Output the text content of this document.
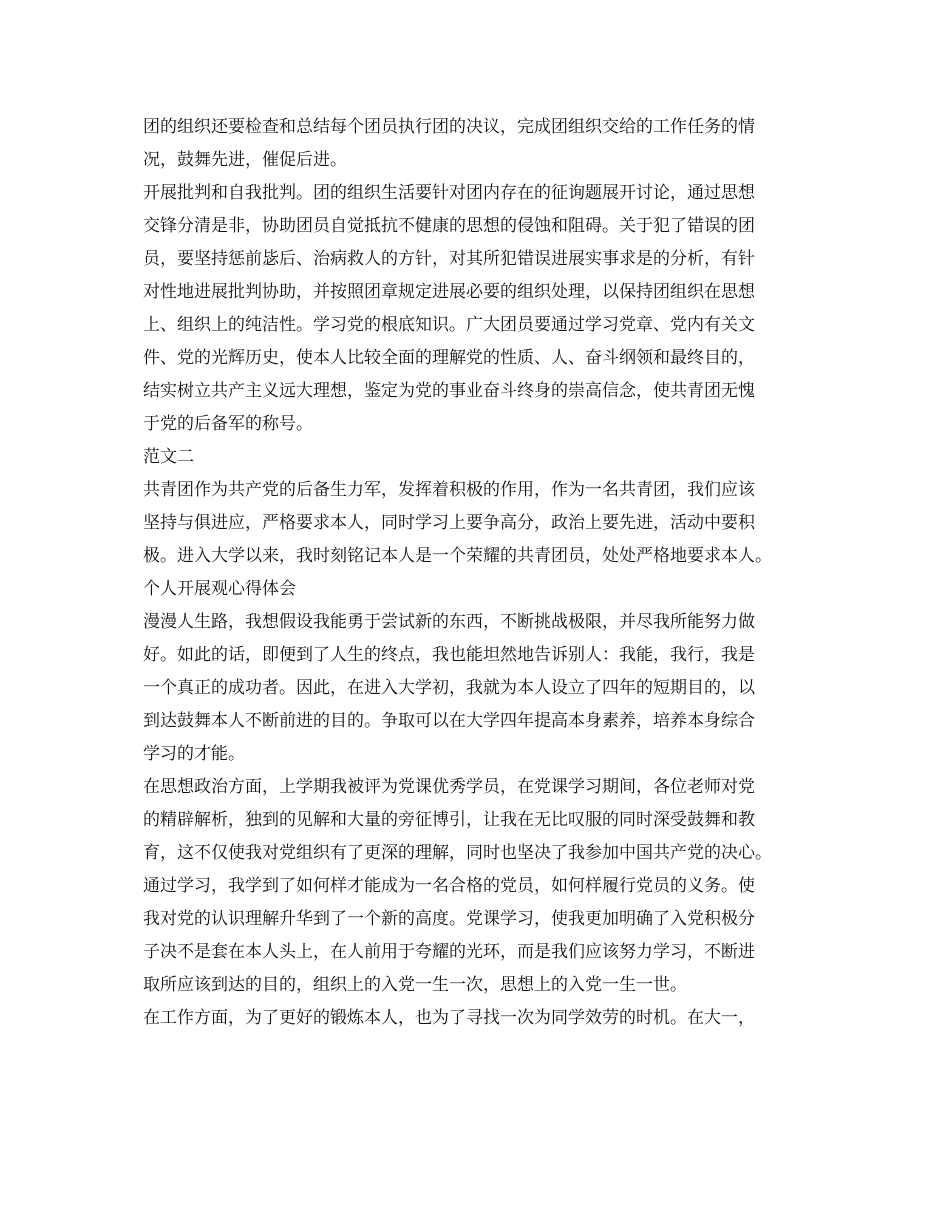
团的组织还要检查和总结每个团员执行团的决议，完成团组织交给的工作任务的情
况，鼓舞先进，催促后进。
开展批判和自我批判。团的组织生活要针对团内存在的征询题展开讨论，通过思想
交锋分清是非，协助团员自觉抵抗不健康的思想的侵蚀和阻碍。关于犯了错误的团
员，要坚持惩前毖后、治病救人的方针，对其所犯错误进展实事求是的分析，有针
对性地进展批判协助，并按照团章规定进展必要的组织处理，以保持团组织在思想
上、组织上的纯洁性。学习党的根底知识。广大团员要通过学习党章、党内有关文
件、党的光辉历史，使本人比较全面的理解党的性质、人、奋斗纲领和最终目的，
结实树立共产主义远大理想，鉴定为党的事业奋斗终身的崇高信念，使共青团无愧
于党的后备军的称号。
范文二
共青团作为共产党的后备生力军，发挥着积极的作用，作为一名共青团，我们应该
坚持与俱进应，严格要求本人，同时学习上要争高分，政治上要先进，活动中要积
极。进入大学以来，我时刻铭记本人是一个荣耀的共青团员，处处严格地要求本人。
个人开展观心得体会
漫漫人生路，我想假设我能勇于尝试新的东西，不断挑战极限，并尽我所能努力做
好。如此的话，即便到了人生的终点，我也能坦然地告诉别人：我能，我行，我是
一个真正的成功者。因此，在进入大学初，我就为本人设立了四年的短期目的，以
到达鼓舞本人不断前进的目的。争取可以在大学四年提高本身素养，培养本身综合
学习的才能。
在思想政治方面，上学期我被评为党课优秀学员，在党课学习期间，各位老师对党
的精辟解析，独到的见解和大量的旁征博引，让我在无比叹服的同时深受鼓舞和教
育，这不仅使我对党组织有了更深的理解，同时也坚决了我参加中国共产党的决心。
通过学习，我学到了如何样才能成为一名合格的党员，如何样履行党员的义务。使
我对党的认识理解升华到了一个新的高度。党课学习，使我更加明确了入党积极分
子决不是套在本人头上，在人前用于夸耀的光环，而是我们应该努力学习，不断进
取所应该到达的目的，组织上的入党一生一次，思想上的入党一生一世。
在工作方面，为了更好的锻炼本人，也为了寻找一次为同学效劳的时机。在大一，
